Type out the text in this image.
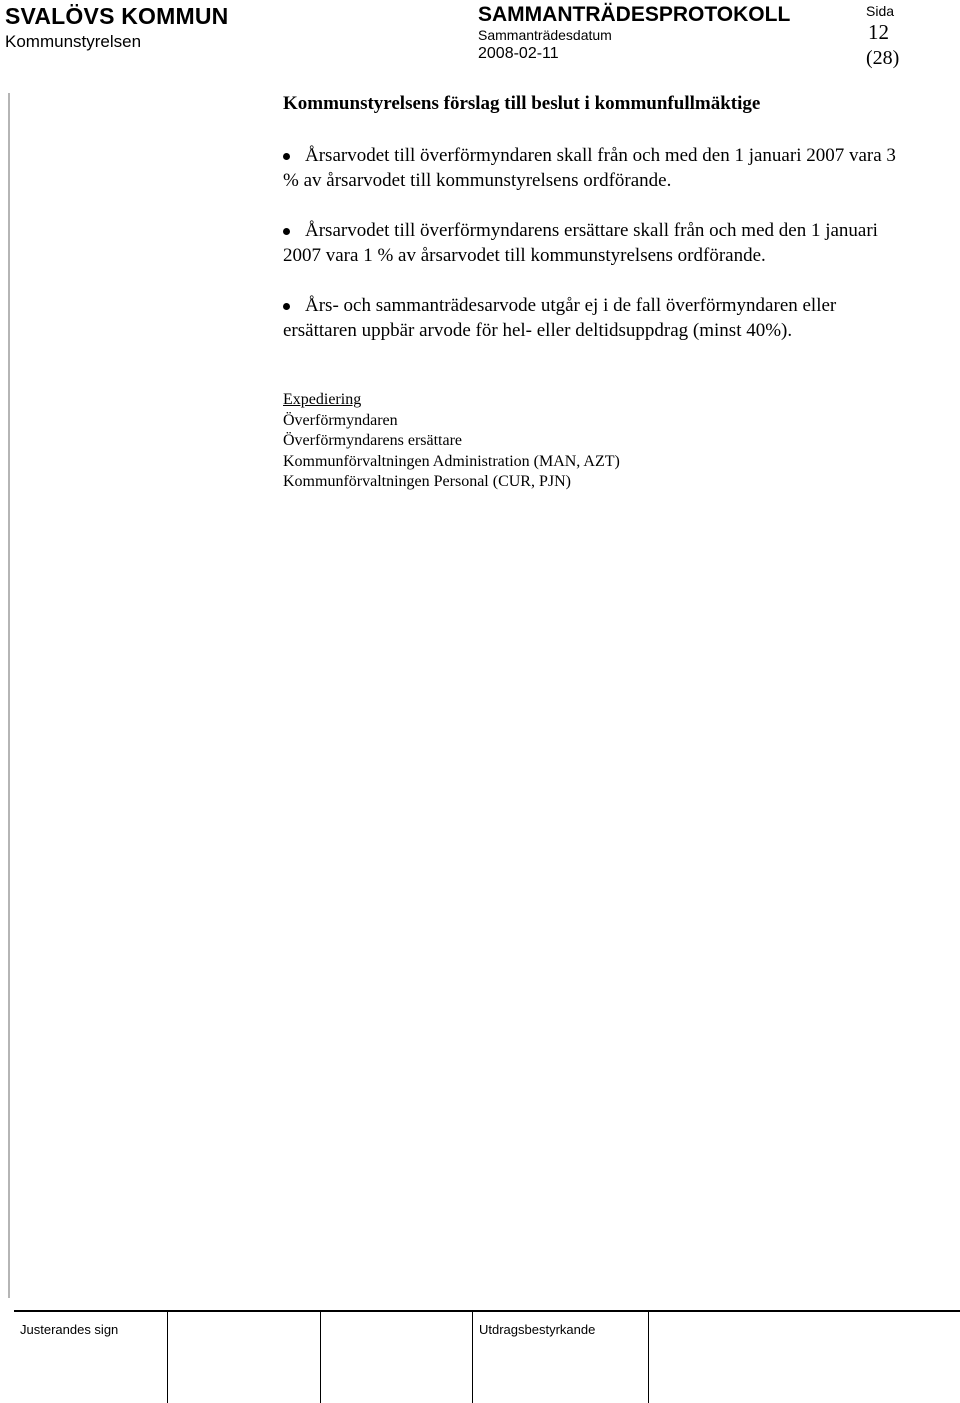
SVALÖVS KOMMUN
Kommunstyrelsen
SAMMANTRÄDESPROTOKOLL
Sammanträdesdatum
2008-02-11
Sida
12
(28)
Kommunstyrelsens förslag till beslut i kommunfullmäktige
Årsarvodet till överförmyndaren skall från och med den 1 januari 2007 vara 3 % av årsarvodet till kommunstyrelsens ordförande.
Årsarvodet till överförmyndarens ersättare skall från och med den 1 januari 2007 vara 1 % av årsarvodet till kommunstyrelsens ordförande.
Års- och sammanträdesarvode utgår ej i de fall överförmyndaren eller ersättaren uppbär arvode för hel- eller deltidsuppdrag (minst 40%).
Expediering
Överförmyndaren
Överförmyndarens ersättare
Kommunförvaltningen Administration (MAN, AZT)
Kommunförvaltningen Personal (CUR, PJN)
Justerandes sign	Utdragsbestyrkande
